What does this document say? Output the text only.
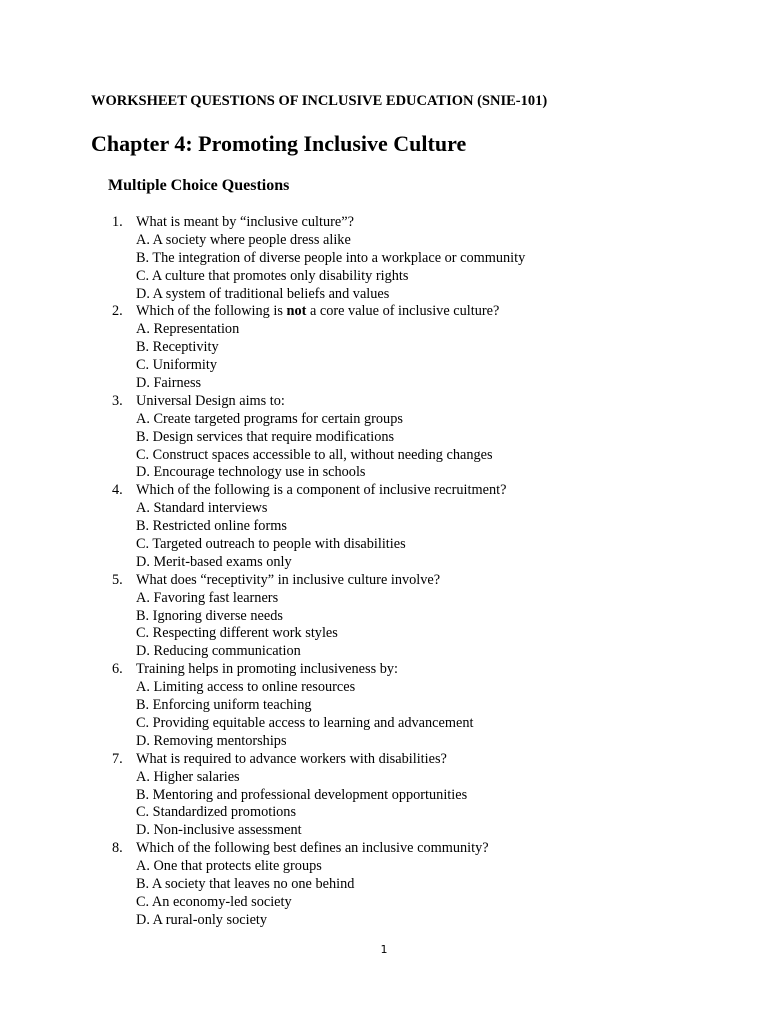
WORKSHEET QUESTIONS OF INCLUSIVE EDUCATION (SNIE-101)
Chapter 4: Promoting Inclusive Culture
Multiple Choice Questions
1. What is meant by “inclusive culture”?
A. A society where people dress alike
B. The integration of diverse people into a workplace or community
C. A culture that promotes only disability rights
D. A system of traditional beliefs and values
2. Which of the following is not a core value of inclusive culture?
A. Representation
B. Receptivity
C. Uniformity
D. Fairness
3. Universal Design aims to:
A. Create targeted programs for certain groups
B. Design services that require modifications
C. Construct spaces accessible to all, without needing changes
D. Encourage technology use in schools
4. Which of the following is a component of inclusive recruitment?
A. Standard interviews
B. Restricted online forms
C. Targeted outreach to people with disabilities
D. Merit-based exams only
5. What does “receptivity” in inclusive culture involve?
A. Favoring fast learners
B. Ignoring diverse needs
C. Respecting different work styles
D. Reducing communication
6. Training helps in promoting inclusiveness by:
A. Limiting access to online resources
B. Enforcing uniform teaching
C. Providing equitable access to learning and advancement
D. Removing mentorships
7. What is required to advance workers with disabilities?
A. Higher salaries
B. Mentoring and professional development opportunities
C. Standardized promotions
D. Non-inclusive assessment
8. Which of the following best defines an inclusive community?
A. One that protects elite groups
B. A society that leaves no one behind
C. An economy-led society
D. A rural-only society
1
